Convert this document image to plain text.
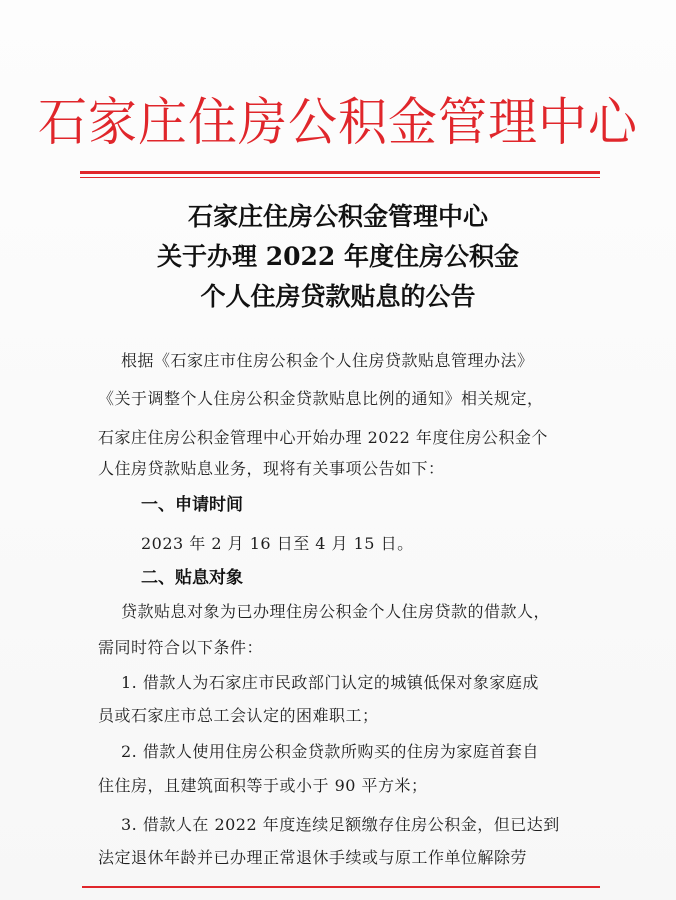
石家庄住房公积金管理中心
石家庄住房公积金管理中心
关于办理 2022 年度住房公积金
个人住房贷款贴息的公告
根据《石家庄市住房公积金个人住房贷款贴息管理办法》
《关于调整个人住房公积金贷款贴息比例的通知》相关规定，
石家庄住房公积金管理中心开始办理 2022 年度住房公积金个
人住房贷款贴息业务，现将有关事项公告如下：
一、申请时间
2023 年 2 月 16 日至 4 月 15 日。
二、贴息对象
贷款贴息对象为已办理住房公积金个人住房贷款的借款人，
需同时符合以下条件：
1. 借款人为石家庄市民政部门认定的城镇低保对象家庭成
员或石家庄市总工会认定的困难职工；
2. 借款人使用住房公积金贷款所购买的住房为家庭首套自
住住房，且建筑面积等于或小于 90 平方米；
3. 借款人在 2022 年度连续足额缴存住房公积金，但已达到
法定退休年龄并已办理正常退休手续或与原工作单位解除劳
